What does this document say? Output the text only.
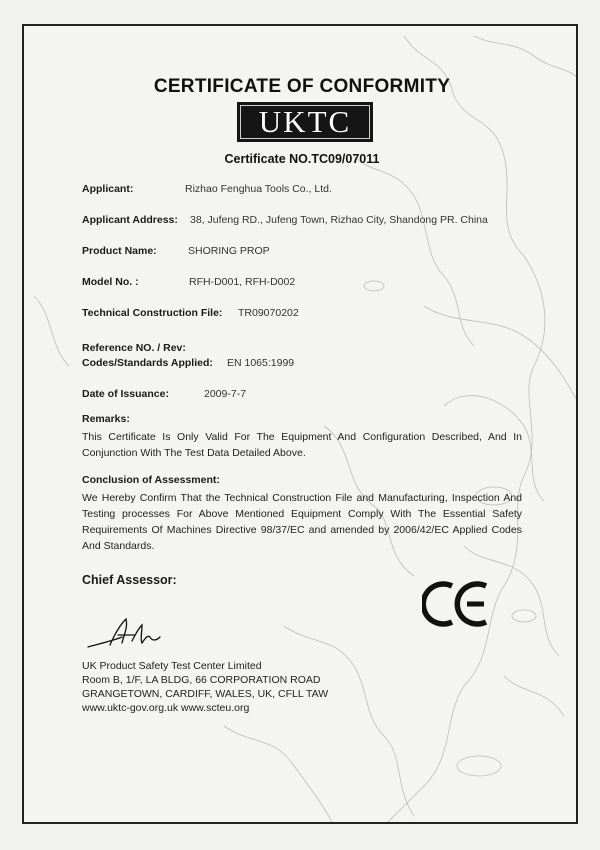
CERTIFICATE OF CONFORMITY
UKTC
Certificate NO.TC09/07011
Applicant:	Rizhao Fenghua Tools Co., Ltd.
Applicant Address: 38, Jufeng RD., Jufeng Town, Rizhao City, Shandong PR. China
Product Name:	SHORING PROP
Model No. :	RFH-D001, RFH-D002
Technical Construction File: TR09070202
Reference NO. / Rev:
Codes/Standards Applied: EN 1065:1999
Date of Issuance:	2009-7-7
Remarks:
This Certificate Is Only Valid For The Equipment And Configuration Described, And In Conjunction With The Test Data Detailed Above.
Conclusion of Assessment:
We Hereby Confirm That the Technical Construction File and Manufacturing, Inspection And Testing processes For Above Mentioned Equipment Comply With The Essential Safety Requirements Of Machines Directive 98/37/EC and amended by 2006/42/EC Applied Codes And Standards.
Chief Assessor:
UK Product Safety Test Center Limited
Room B, 1/F, LA BLDG, 66 CORPORATION ROAD
GRANGETOWN, CARDIFF, WALES, UK, CFLL TAW
www.uktc-gov.org.uk www.scteu.org
